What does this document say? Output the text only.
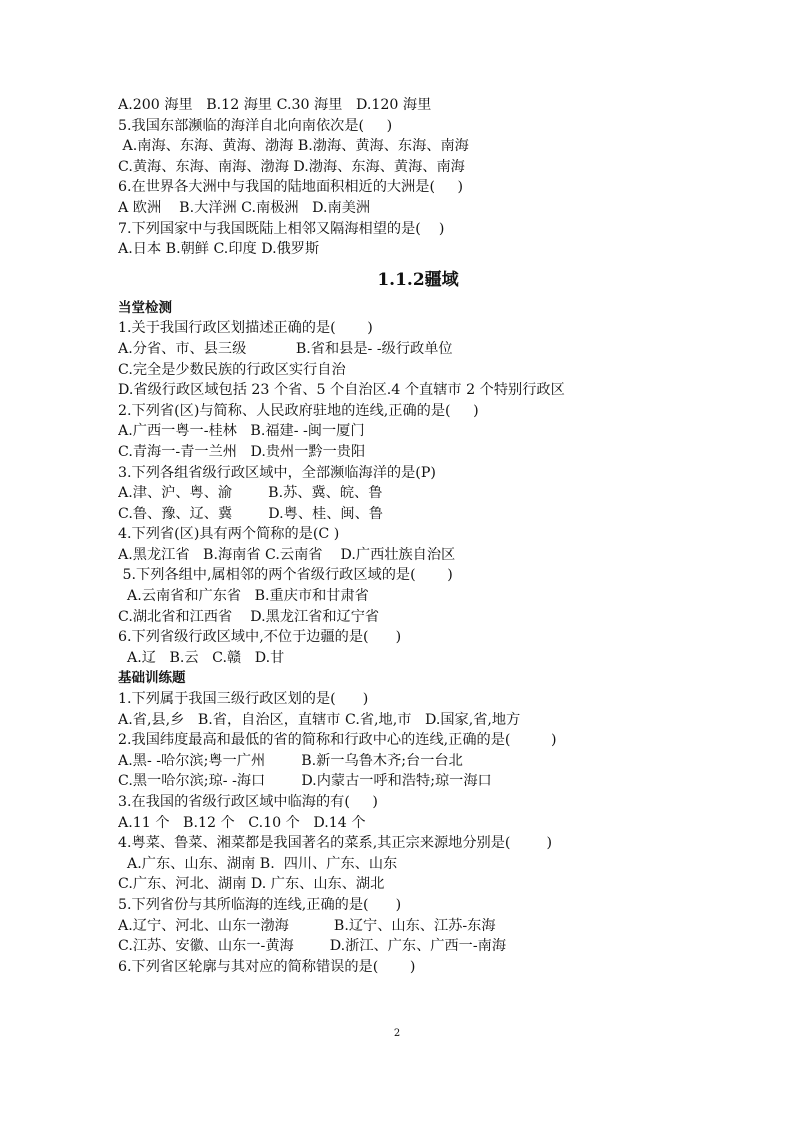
A.200 海里   B.12 海里 C.30 海里   D.120 海里
5.我国东部濒临的海洋自北向南依次是(     )
A.南海、东海、黄海、渤海 B.渤海、黄海、东海、南海
C.黄海、东海、南海、渤海 D.渤海、东海、黄海、南海
6.在世界各大洲中与我国的陆地面积相近的大洲是(     )
A 欧洲    B.大洋洲 C.南极洲   D.南美洲
7.下列国家中与我国既陆上相邻又隔海相望的是(    )
A.日本 B.朝鲜 C.印度 D.俄罗斯
1.1.2疆域
当堂检测
1.关于我国行政区划描述正确的是(       )
A.分省、市、县三级           B.省和县是- -级行政单位
C.完全是少数民族的行政区实行自治
D.省级行政区域包括 23 个省、5 个自治区.4 个直辖市 2 个特别行政区
2.下列省(区)与简称、人民政府驻地的连线,正确的是(     )
A.广西一粤一-桂林   B.福建- -闽一厦门
C.青海一-青一兰州   D.贵州一黔一贵阳
3.下列各组省级行政区域中，全部濒临海洋的是(P)
A.津、沪、粤、渝        B.苏、冀、皖、鲁
C.鲁、豫、辽、冀        D.粤、桂、闽、鲁
4.下列省(区)具有两个简称的是(C )
A.黑龙江省   B.海南省 C.云南省    D.广西壮族自治区
5.下列各组中,属相邻的两个省级行政区域的是(       )
A.云南省和广东省   B.重庆市和甘肃省
C.湖北省和江西省    D.黑龙江省和辽宁省
6.下列省级行政区域中,不位于边疆的是(      )
A.辽   B.云   C.赣   D.甘
基础训练题
1.下列属于我国三级行政区划的是(      )
A.省,县,乡   B.省，自治区，直辖市 C.省,地,市   D.国家,省,地方
2.我国纬度最高和最低的省的简称和行政中心的连线,正确的是(         )
A.黑- -哈尔滨;粤一广州        B.新一乌鲁木齐;台一台北
C.黑一哈尔滨;琼- -海口        D.内蒙古一呼和浩特;琼一海口
3.在我国的省级行政区域中临海的有(     )
A.11 个   B.12 个   C.10 个   D.14 个
4.粤菜、鲁菜、湘菜都是我国著名的菜系,其正宗来源地分别是(        )
A.广东、山东、湖南 B.  四川、广东、山东
C.广东、河北、湖南 D. 广东、山东、湖北
5.下列省份与其所临海的连线,正确的是(      )
A.辽宁、河北、山东一渤海          B.辽宁、山东、江苏-东海
C.江苏、安徽、山东一-黄海        D.浙江、广东、广西一-南海
6.下列省区轮廓与其对应的简称错误的是(       )
2
